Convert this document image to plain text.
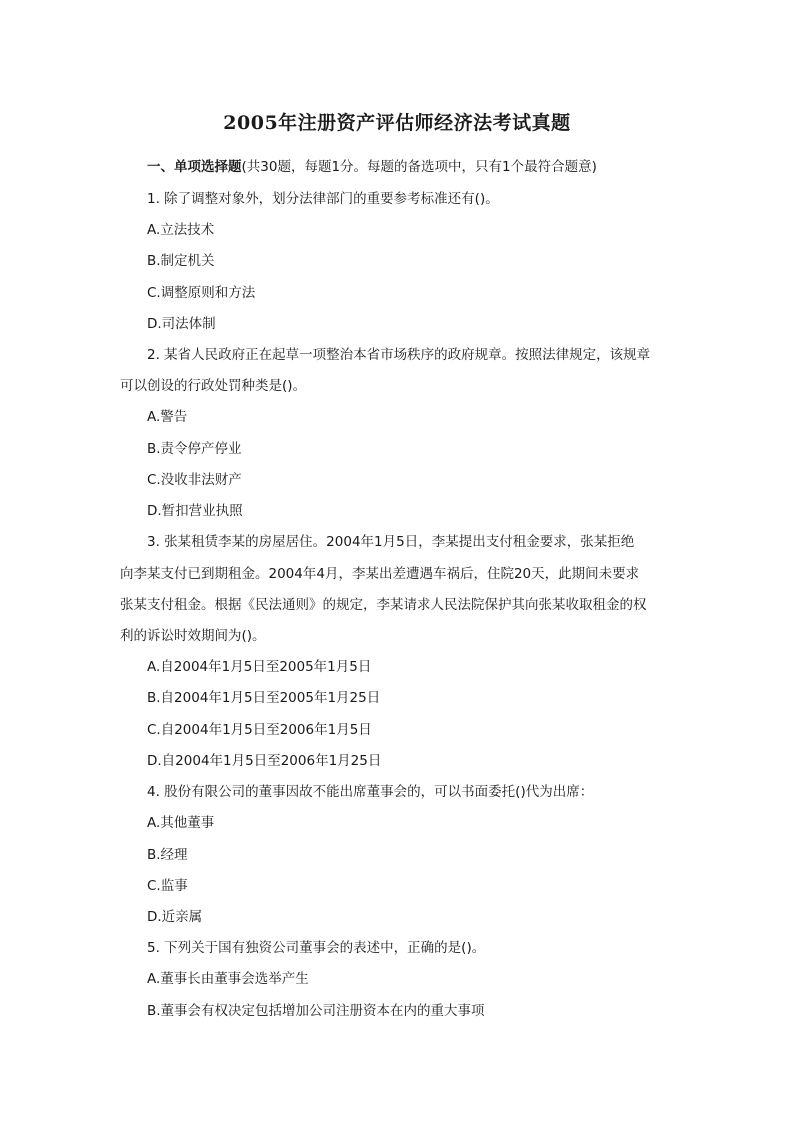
2005年注册资产评估师经济法考试真题
一、单项选择题(共30题，每题1分。每题的备选项中，只有1个最符合题意)
1. 除了调整对象外，划分法律部门的重要参考标准还有()。
A.立法技术
B.制定机关
C.调整原则和方法
D.司法体制
2. 某省人民政府正在起草一项整治本省市场秩序的政府规章。按照法律规定，该规章
可以创设的行政处罚种类是()。
A.警告
B.责令停产停业
C.没收非法财产
D.暂扣营业执照
3. 张某租赁李某的房屋居住。2004年1月5日，李某提出支付租金要求，张某拒绝
向李某支付已到期租金。2004年4月，李某出差遭遇车祸后，住院20天，此期间未要求
张某支付租金。根据《民法通则》的规定，李某请求人民法院保护其向张某收取租金的权
利的诉讼时效期间为()。
A.自2004年1月5日至2005年1月5日
B.自2004年1月5日至2005年1月25日
C.自2004年1月5日至2006年1月5日
D.自2004年1月5日至2006年1月25日
4. 股份有限公司的董事因故不能出席董事会的，可以书面委托()代为出席：
A.其他董事
B.经理
C.监事
D.近亲属
5. 下列关于国有独资公司董事会的表述中，正确的是()。
A.董事长由董事会选举产生
B.董事会有权决定包括增加公司注册资本在内的重大事项
